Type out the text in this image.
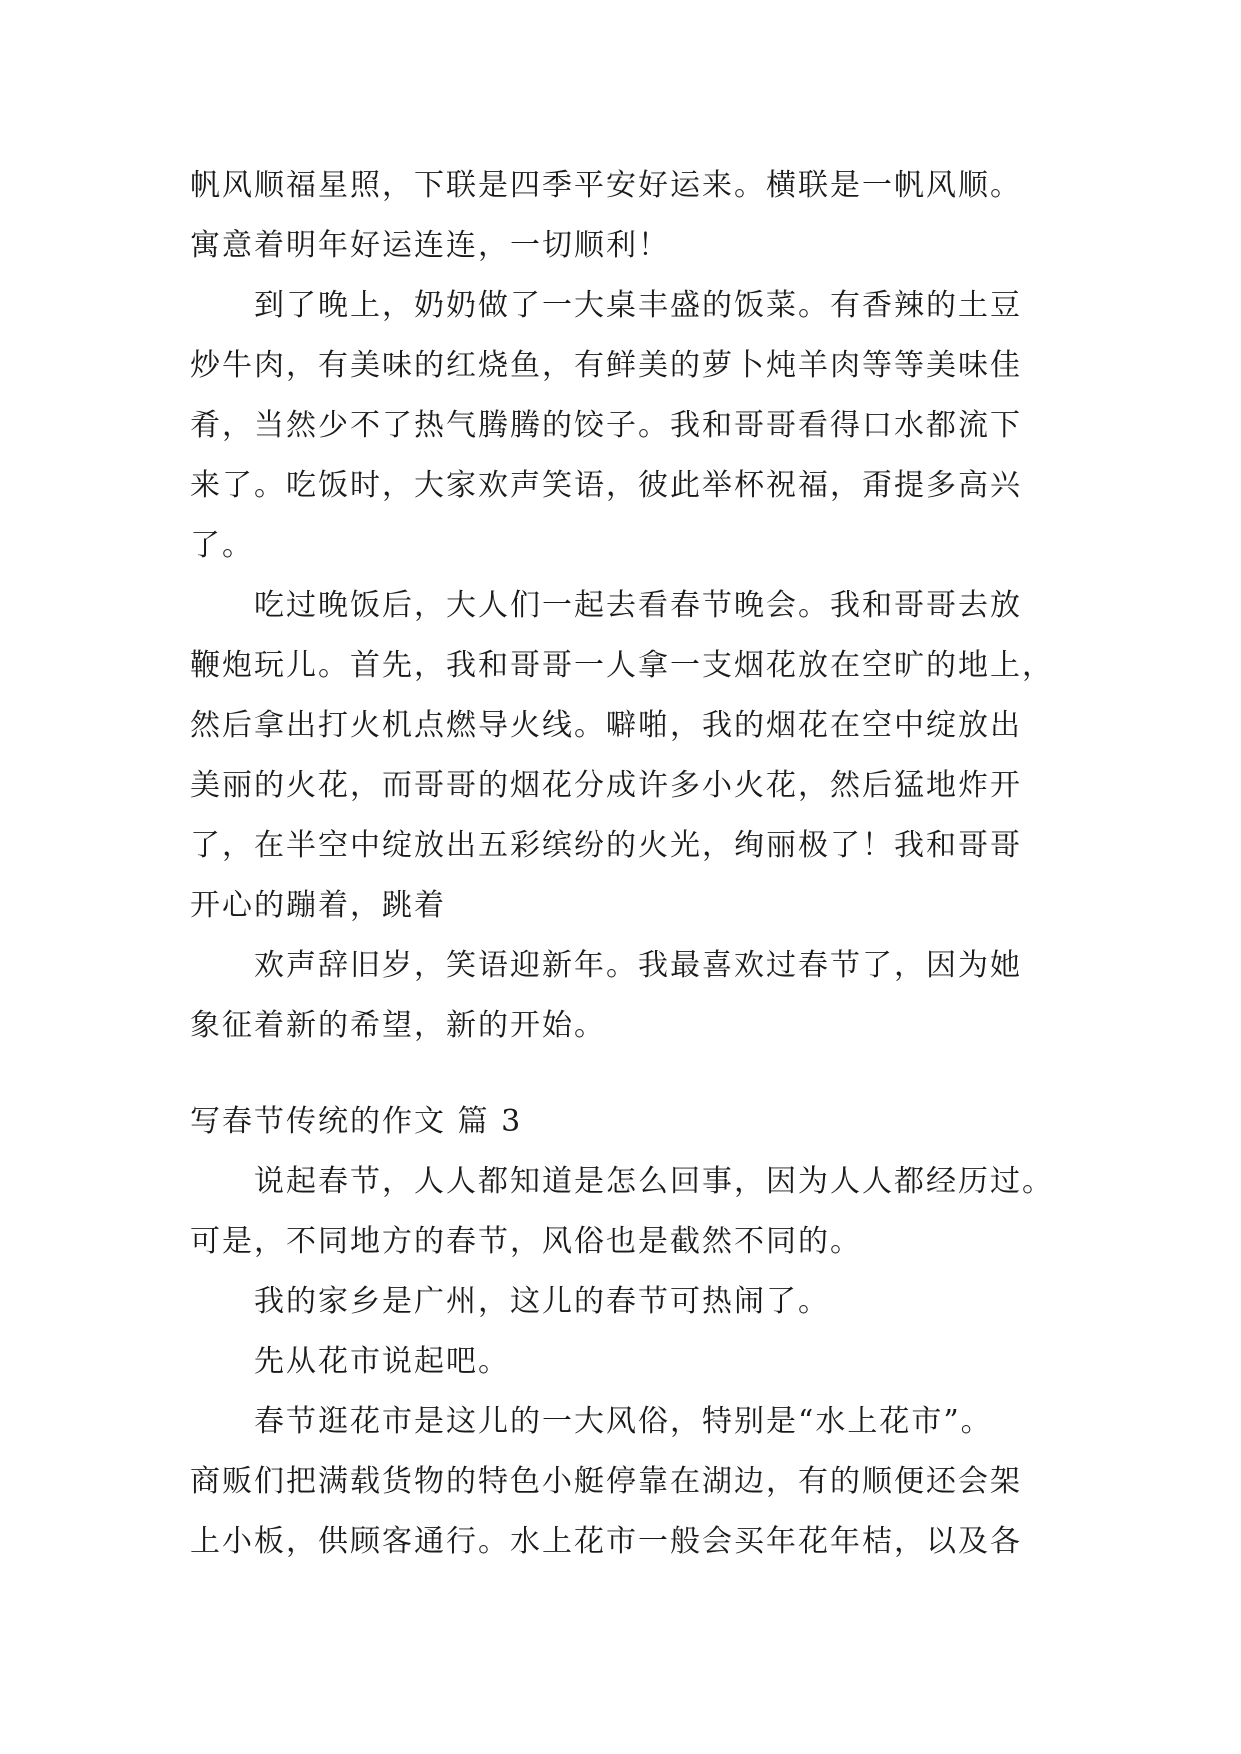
帆风顺福星照，下联是四季平安好运来。横联是一帆风顺。
寓意着明年好运连连，一切顺利！
到了晚上，奶奶做了一大桌丰盛的饭菜。有香辣的土豆
炒牛肉，有美味的红烧鱼，有鲜美的萝卜炖羊肉等等美味佳
肴，当然少不了热气腾腾的饺子。我和哥哥看得口水都流下
来了。吃饭时，大家欢声笑语，彼此举杯祝福，甭提多高兴
了。
吃过晚饭后，大人们一起去看春节晚会。我和哥哥去放
鞭炮玩儿。首先，我和哥哥一人拿一支烟花放在空旷的地上，
然后拿出打火机点燃导火线。噼啪，我的烟花在空中绽放出
美丽的火花，而哥哥的烟花分成许多小火花，然后猛地炸开
了，在半空中绽放出五彩缤纷的火光，绚丽极了！我和哥哥
开心的蹦着，跳着
欢声辞旧岁，笑语迎新年。我最喜欢过春节了，因为她
象征着新的希望，新的开始。
写春节传统的作文 篇 3
说起春节，人人都知道是怎么回事，因为人人都经历过。
可是，不同地方的春节，风俗也是截然不同的。
我的家乡是广州，这儿的春节可热闹了。
先从花市说起吧。
春节逛花市是这儿的一大风俗，特别是“水上花市”。
商贩们把满载货物的特色小艇停靠在湖边，有的顺便还会架
上小板，供顾客通行。水上花市一般会买年花年桔，以及各
